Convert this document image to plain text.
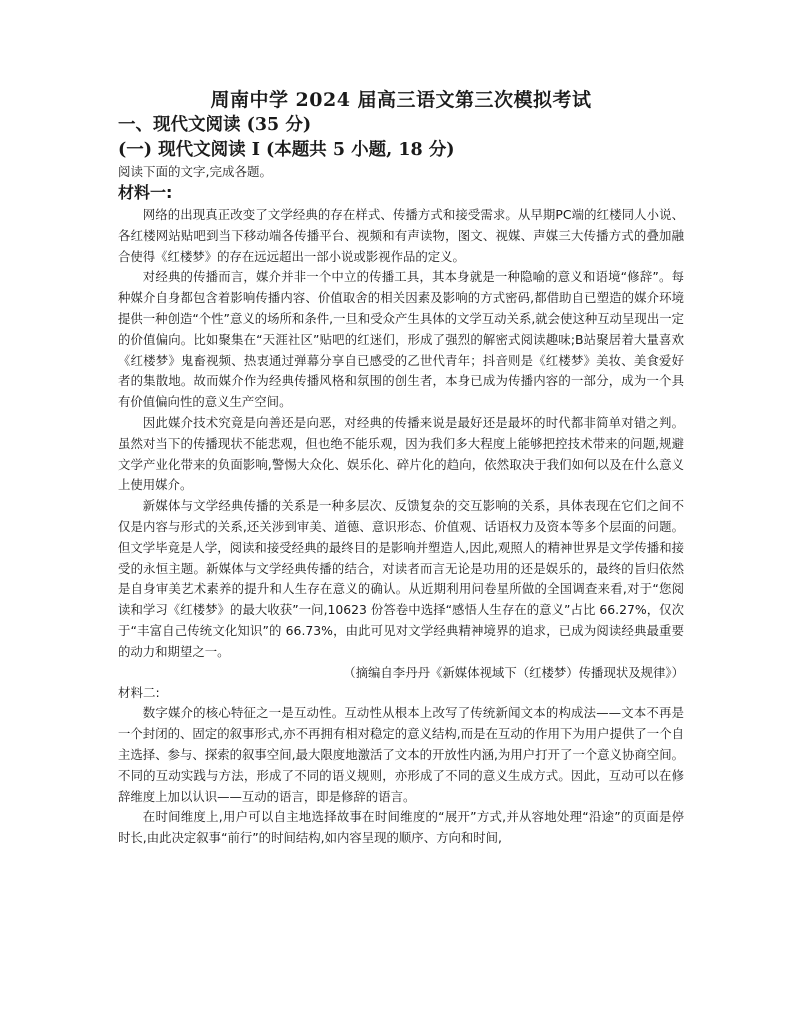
周南中学 2024 届高三语文第三次模拟考试
一、现代文阅读 (35 分)
(一) 现代文阅读 I (本题共 5 小题, 18 分)
阅读下面的文字,完成各题。
材料一:

网络的出现真正改变了文学经典的存在样式、传播方式和接受需求。从早期PC端的红楼同人小说、各红楼网站贴吧到当下移动端各传播平台、视频和有声读物，图文、视媒、声媒三大传播方式的叠加融合使得《红楼梦》的存在远远超出一部小说或影视作品的定义。

对经典的传播而言，媒介并非一个中立的传播工具，其本身就是一种隐喻的意义和语境“修辞”。每种媒介自身都包含着影响传播内容、价值取舍的相关因素及影响的方式密码,都借助自已塑造的媒介环境提供一种创造“个性”意义的场所和条件,一旦和受众产生具体的文学互动关系,就会使这种互动呈现出一定的价值偏向。比如聚集在“天涯社区”贴吧的红迷们，形成了强烈的解密式阅读趣味;B站聚居着大量喜欢《红楼梦》鬼畜视频、热衷通过弹幕分享自已感受的乙世代青年；抖音则是《红楼梦》美妆、美食爱好者的集散地。故而媒介作为经典传播风格和氛围的创生者，本身已成为传播内容的一部分，成为一个具有价值偏向性的意义生产空间。

因此媒介技术究竟是向善还是向恶，对经典的传播来说是最好还是最坏的时代都非简单对错之判。虽然对当下的传播现状不能悲观，但也绝不能乐观，因为我们多大程度上能够把控技术带来的问题,规避文学产业化带来的负面影响,警惕大众化、娱乐化、碎片化的趋向，依然取决于我们如何以及在什么意义上使用媒介。

新媒体与文学经典传播的关系是一种多层次、反馈复杂的交互影响的关系，具体表现在它们之间不仅是内容与形式的关系,还关涉到审美、道德、意识形态、价值观、话语权力及资本等多个层面的问题。但文学毕竟是人学，阅读和接受经典的最终目的是影响并塑造人,因此,观照人的精神世界是文学传播和接受的永恒主题。新媒体与文学经典传播的结合，对读者而言无论是功用的还是娱乐的，最终的旨归依然是自身审美艺术素养的提升和人生存在意义的确认。从近期利用问卷星所做的全国调查来看,对于“您阅读和学习《红楼梦》的最大收获”一问,10623 份答卷中选择“感悟人生存在的意义”占比 66.27%，仅次于“丰富自己传统文化知识”的 66.73%，由此可见对文学经典精神境界的追求，已成为阅读经典最重要的动力和期望之一。

（摘编自李丹丹《新媒体视域下（红楼梦）传播现状及规律》）
材料二:

数字媒介的核心特征之一是互动性。互动性从根本上改写了传统新闻文本的构成法——文本不再是一个封闭的、固定的叙事形式,亦不再拥有相对稳定的意义结构,而是在互动的作用下为用户提供了一个自主选择、参与、探索的叙事空间,最大限度地激活了文本的开放性内涵,为用户打开了一个意义协商空间。不同的互动实践与方法，形成了不同的语义规则，亦形成了不同的意义生成方式。因此，互动可以在修辞维度上加以认识——互动的语言，即是修辞的语言。

在时间维度上,用户可以自主地选择故事在时间维度的“展开”方式,并从容地处理“沿途”的页面是停时长,由此决定叙事“前行”的时间结构,如内容呈现的顺序、方向和时间,
